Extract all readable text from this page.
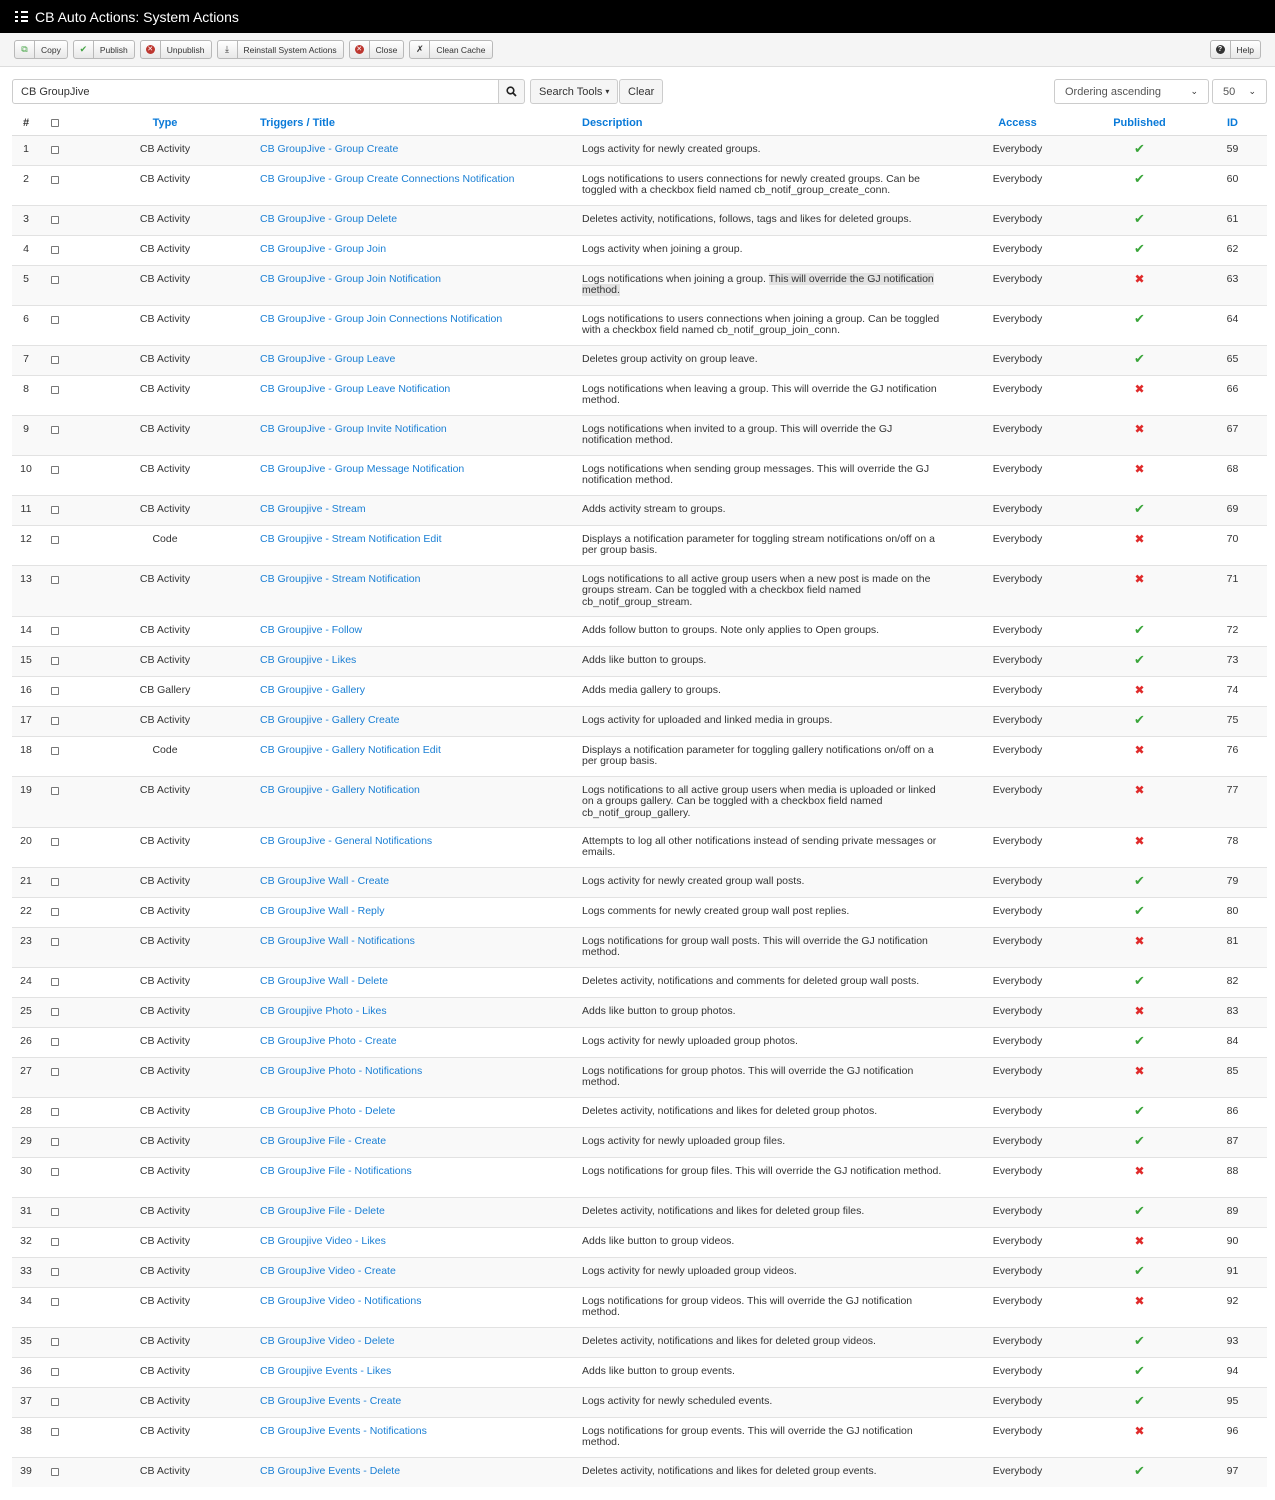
CB Auto Actions: System Actions
⧉	Copy	✔	Publish	✕	Unpublish	⤓	Reinstall System Actions	✕	Close	✗	Clean Cache	?	Help
CB GroupJive
Search Tools ▾ Clear	Ordering ascending	⌄ 50 ⌄
#		Type	Triggers / Title	Description	Access	Published	ID
1		CB Activity	CB GroupJive - Group Create	Logs activity for newly created groups.	Everybody	✔	59
2		CB Activity	CB GroupJive - Group Create Connections Notification	Logs notifications to users connections for newly created groups. Can be toggled with a checkbox field named cb_notif_group_create_conn.	Everybody	✔	60
3		CB Activity	CB GroupJive - Group Delete	Deletes activity, notifications, follows, tags and likes for deleted groups.	Everybody	✔	61
4		CB Activity	CB GroupJive - Group Join	Logs activity when joining a group.	Everybody	✔	62
5		CB Activity	CB GroupJive - Group Join Notification	Logs notifications when joining a group. This will override the GJ notification method.	Everybody	✖	63
6		CB Activity	CB GroupJive - Group Join Connections Notification	Logs notifications to users connections when joining a group. Can be toggled with a checkbox field named cb_notif_group_join_conn.	Everybody	✔	64
7		CB Activity	CB GroupJive - Group Leave	Deletes group activity on group leave.	Everybody	✔	65
8		CB Activity	CB GroupJive - Group Leave Notification	Logs notifications when leaving a group. This will override the GJ notification method.	Everybody	✖	66
9		CB Activity	CB GroupJive - Group Invite Notification	Logs notifications when invited to a group. This will override the GJ notification method.	Everybody	✖	67
10		CB Activity	CB GroupJive - Group Message Notification	Logs notifications when sending group messages. This will override the GJ notification method.	Everybody	✖	68
11		CB Activity	CB Groupjive - Stream	Adds activity stream to groups.	Everybody	✔	69
12		Code	CB Groupjive - Stream Notification Edit	Displays a notification parameter for toggling stream notifications on/off on a per group basis.	Everybody	✖	70
13		CB Activity	CB Groupjive - Stream Notification	Logs notifications to all active group users when a new post is made on the groups stream. Can be toggled with a checkbox field named cb_notif_group_stream.	Everybody	✖	71
14		CB Activity	CB Groupjive - Follow	Adds follow button to groups. Note only applies to Open groups.	Everybody	✔	72
15		CB Activity	CB Groupjive - Likes	Adds like button to groups.	Everybody	✔	73
16		CB Gallery	CB Groupjive - Gallery	Adds media gallery to groups.	Everybody	✖	74
17		CB Activity	CB Groupjive - Gallery Create	Logs activity for uploaded and linked media in groups.	Everybody	✔	75
18		Code	CB Groupjive - Gallery Notification Edit	Displays a notification parameter for toggling gallery notifications on/off on a per group basis.	Everybody	✖	76
19		CB Activity	CB Groupjive - Gallery Notification	Logs notifications to all active group users when media is uploaded or linked on a groups gallery. Can be toggled with a checkbox field named cb_notif_group_gallery.	Everybody	✖	77
20		CB Activity	CB GroupJive - General Notifications	Attempts to log all other notifications instead of sending private messages or emails.	Everybody	✖	78
21		CB Activity	CB GroupJive Wall - Create	Logs activity for newly created group wall posts.	Everybody	✔	79
22		CB Activity	CB GroupJive Wall - Reply	Logs comments for newly created group wall post replies.	Everybody	✔	80
23		CB Activity	CB GroupJive Wall - Notifications	Logs notifications for group wall posts. This will override the GJ notification method.	Everybody	✖	81
24		CB Activity	CB GroupJive Wall - Delete	Deletes activity, notifications and comments for deleted group wall posts.	Everybody	✔	82
25		CB Activity	CB Groupjive Photo - Likes	Adds like button to group photos.	Everybody	✖	83
26		CB Activity	CB GroupJive Photo - Create	Logs activity for newly uploaded group photos.	Everybody	✔	84
27		CB Activity	CB GroupJive Photo - Notifications	Logs notifications for group photos. This will override the GJ notification method.	Everybody	✖	85
28		CB Activity	CB GroupJive Photo - Delete	Deletes activity, notifications and likes for deleted group photos.	Everybody	✔	86
29		CB Activity	CB GroupJive File - Create	Logs activity for newly uploaded group files.	Everybody	✔	87
30		CB Activity	CB GroupJive File - Notifications	Logs notifications for group files. This will override the GJ notification method.	Everybody	✖	88
31		CB Activity	CB GroupJive File - Delete	Deletes activity, notifications and likes for deleted group files.	Everybody	✔	89
32		CB Activity	CB Groupjive Video - Likes	Adds like button to group videos.	Everybody	✖	90
33		CB Activity	CB GroupJive Video - Create	Logs activity for newly uploaded group videos.	Everybody	✔	91
34		CB Activity	CB GroupJive Video - Notifications	Logs notifications for group videos. This will override the GJ notification method.	Everybody	✖	92
35		CB Activity	CB GroupJive Video - Delete	Deletes activity, notifications and likes for deleted group videos.	Everybody	✔	93
36		CB Activity	CB Groupjive Events - Likes	Adds like button to group events.	Everybody	✔	94
37		CB Activity	CB GroupJive Events - Create	Logs activity for newly scheduled events.	Everybody	✔	95
38		CB Activity	CB GroupJive Events - Notifications	Logs notifications for group events. This will override the GJ notification method.	Everybody	✖	96
39		CB Activity	CB GroupJive Events - Delete	Deletes activity, notifications and likes for deleted group events.	Everybody	✔	97
